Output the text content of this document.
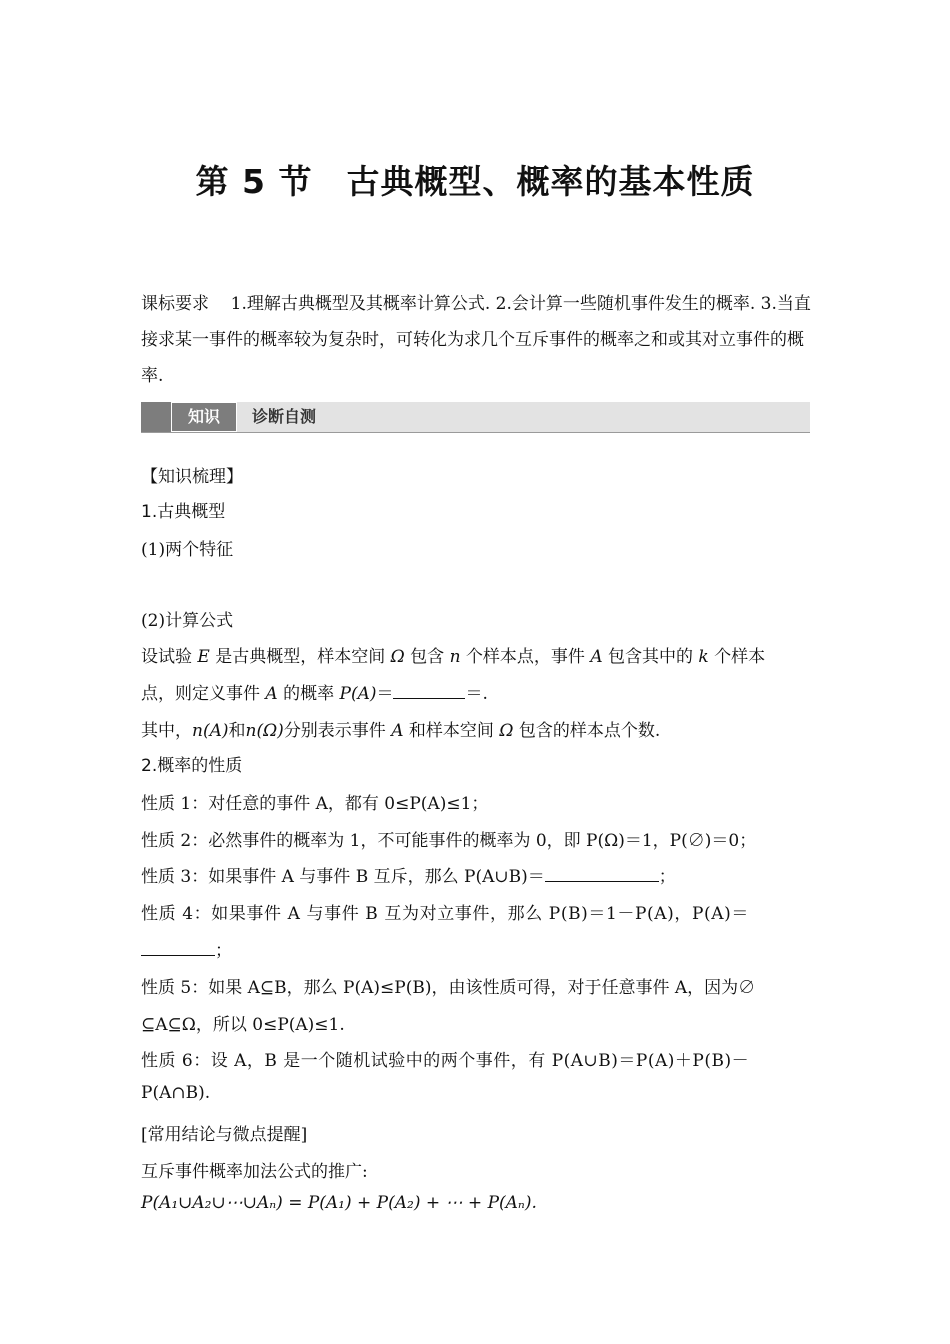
第 5 节　古典概型、概率的基本性质
课标要求 1.理解古典概型及其概率计算公式. 2.会计算一些随机事件发生的概率. 3.当直接求某一事件的概率较为复杂时，可转化为求几个互斥事件的概率之和或其对立事件的概率.
知识	诊断自测
【知识梳理】
1.古典概型
(1)两个特征
(2)计算公式
设试验 E 是古典概型，样本空间 Ω 包含 n 个样本点，事件 A 包含其中的 k 个样本
点，则定义事件 A 的概率 P(A)＝	＝.
其中，n(A)和n(Ω)分别表示事件 A 和样本空间 Ω 包含的样本点个数.
2.概率的性质
性质 1：对任意的事件 A，都有 0≤P(A)≤1；
性质 2：必然事件的概率为 1，不可能事件的概率为 0，即 P(Ω)＝1，P(∅)＝0；
性质 3：如果事件 A 与事件 B 互斥，那么 P(A∪B)＝	；
性质 4：如果事件 A 与事件 B 互为对立事件，那么 P(B)＝1－P(A)，P(A)＝
；
性质 5：如果 A⊆B，那么 P(A)≤P(B)，由该性质可得，对于任意事件 A，因为∅
⊆A⊆Ω，所以 0≤P(A)≤1.
性质 6：设 A，B 是一个随机试验中的两个事件，有 P(A∪B)＝P(A)＋P(B)－
P(A∩B).
[常用结论与微点提醒]
互斥事件概率加法公式的推广:
P(A₁∪A₂∪⋯∪Aₙ) = P(A₁) + P(A₂) + ⋯ + P(Aₙ).
